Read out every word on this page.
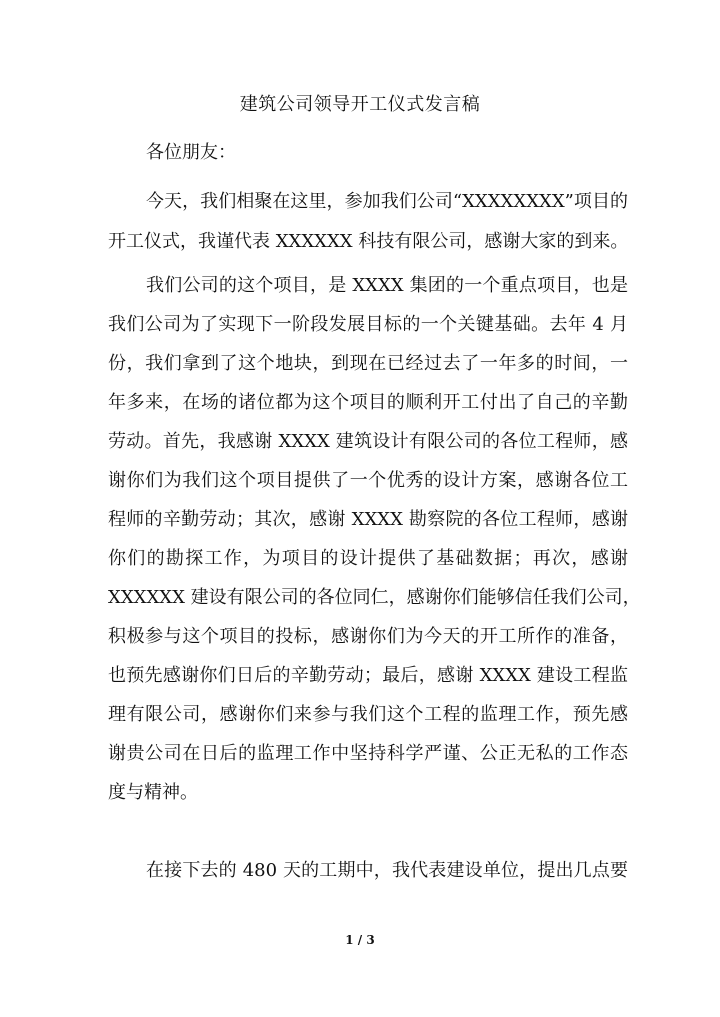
建筑公司领导开工仪式发言稿
各位朋友：
今天，我们相聚在这里，参加我们公司“XXXXXXXX”项目的
开工仪式，我谨代表 XXXXXX 科技有限公司，感谢大家的到来。
我们公司的这个项目，是 XXXX 集团的一个重点项目，也是
我们公司为了实现下一阶段发展目标的一个关键基础。去年 4 月
份，我们拿到了这个地块，到现在已经过去了一年多的时间，一
年多来，在场的诸位都为这个项目的顺利开工付出了自己的辛勤
劳动。首先，我感谢 XXXX 建筑设计有限公司的各位工程师，感
谢你们为我们这个项目提供了一个优秀的设计方案，感谢各位工
程师的辛勤劳动；其次，感谢 XXXX 勘察院的各位工程师，感谢
你们的勘探工作，为项目的设计提供了基础数据；再次，感谢
XXXXXX 建设有限公司的各位同仁，感谢你们能够信任我们公司，
积极参与这个项目的投标，感谢你们为今天的开工所作的准备，
也预先感谢你们日后的辛勤劳动；最后，感谢 XXXX 建设工程监
理有限公司，感谢你们来参与我们这个工程的监理工作，预先感
谢贵公司在日后的监理工作中坚持科学严谨、公正无私的工作态
度与精神。
在接下去的 480 天的工期中，我代表建设单位，提出几点要
1 / 3
